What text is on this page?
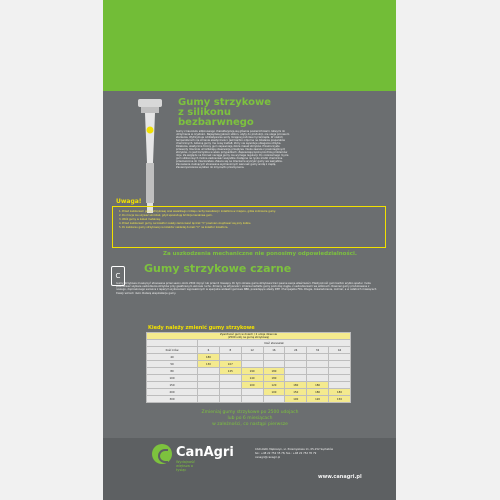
Gumy strzykowe
z silikonu bezbarwnego
Gumy z kauczuku silikonowego charakteryzują się głównie powierzchniami, łatwymi do utrzymania w czystości. Najwyższej jakości silikon, użyty do produkcji, nie ulega procesom starzenia. Wytrzymuje oddziaływanie wody mrającej podczas mycia/ciepła. W niskich temperaturach nie zmienia elastyczności. Jest bardzo odporne na działanie preparatów chemicznych. Główną gumy ma nowy kształt, który nie wywołuje ubiegania strzyka. Działanie, elastyczne trzony gum zapewniają dobre masaż strzyków. Przezroczyste przewody mlecznie umożliwiają obserwację przepływu mleka zawsze z poszczególnych strzyków, co jest korzystne w wielu przypadkach. Zapewniają łączną kontrolę problemów doju. Ze względu na trzonek naciąga gumy nie wymaga regulacji. Do oczaniernego mycia gum silikonowych można zastosować wszystkie dostępne na rynku środki chemiczne przeznaczone do mleczarstwa. Zaleca się na mleczarce wyczyść gumy we wszystkie. Zanoszenie cieknących stosowane wymienionych warunek gumy wodą z ciepłą. Zanieczyszczenia są łatwo do zmycia/do przemycenia.
Uwaga!
1. Przed założeniem gumy strzykowej oraz wszelkiego rodzaju cechy kanalizacji i kolektora w miejscu, gdzie znikniecie gumy.
2. Do mocja nie używać szczotek, gdyż spowodują bridzcje kanałowe gum.
3. Włóż gumy w kubek metalowy.
4. Przed założeniem gumy na kolektor należy zamocować łącznik "C" powinien znajdować się przy kubku.
5. Po założeniu gumy strzykowej na kolektor nakładaj dociski "C" na kolektor kolektora.
Za uszkodzenia mechaniczne nie ponosimy odpowiedzialności.
C
Gumy strzykowe czarne
Gumy strzykowe muszą być stosowane przez sezon około 2500 dojnyć lub przez 6 miesięcy. Po tym okresie guma strzykowa traci pewne swoje właściwości. Elastyczność gum bardzo szybko spada i może powodować szybsze uszkodzenia strzyków przy gwałtownym wznosie ruchu. Zmiany na sztywność i zmianie kształtu gumy poziomej ciągłe, z uszkodzeniami we włóknach. Rowniez gumy produkowane z nowego, doproszonego surowca z lepszym wykonaniem wyposażonych w specjalne wstawki gumowe NBR, posiadające atesty PZH i Europejskie FDA. Długie, doświadczenie, rozmiar, a w ostatnich miesiącach trwały wzrost i dużo dłuższą eksploatacje gumy.
Kiedy należy zmienić gumy strzykowe
Zywotność gum w dniach / 2 udoje dziennie
(2500 udój na gumę strzykową)							

	Ilość stanowisk						
Ilość krów	6	8	12	16	24	32	44
40	180						
50	130	107					
80		125	190	180			
100			140	180			
150			100	120	180	180	
200				100	150	180	180
300					100	120	150
Zmieniaj gumy strzykowe po 2500 udojach
lub po 6 miesiącach
w zależności, co nastąpi pierwsze
CanAgri
Wydajność większa o tysiąc
CAN AGRI, Mąkoszyn, ul. Przemysłowa 11, 05-152 Sąchetów
tel.: +48 22 752 35 78, fax.: +48 22 752 35 79
canagri@canagri.pl
www.canagri.pl
